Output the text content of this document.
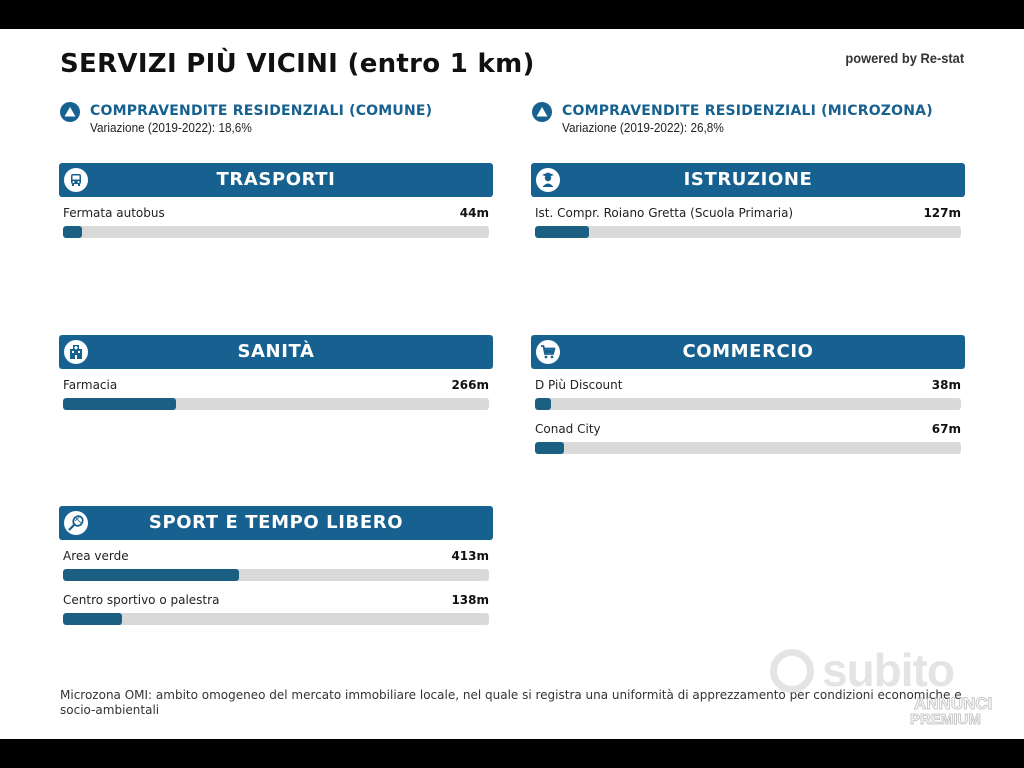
SERVIZI PIÙ VICINI (entro 1 km)	powered by Re-stat
COMPRAVENDITE RESIDENZIALI (COMUNE)
Variazione (2019-2022): 18,6%
COMPRAVENDITE RESIDENZIALI (MICROZONA)
Variazione (2019-2022): 26,8%
TRASPORTI
Fermata autobus	44m
ISTRUZIONE
Ist. Compr. Roiano Gretta (Scuola Primaria)	127m
SANITÀ
Farmacia	266m
COMMERCIO
D Più Discount	38m
Conad City	67m
SPORT E TEMPO LIBERO
Area verde	413m
Centro sportivo o palestra	138m
Microzona OMI: ambito omogeneo del mercato immobiliare locale, nel quale si registra una uniformità di apprezzamento per condizioni economiche e socio-ambientali
subito
ANNUNCI
PREMIUM
